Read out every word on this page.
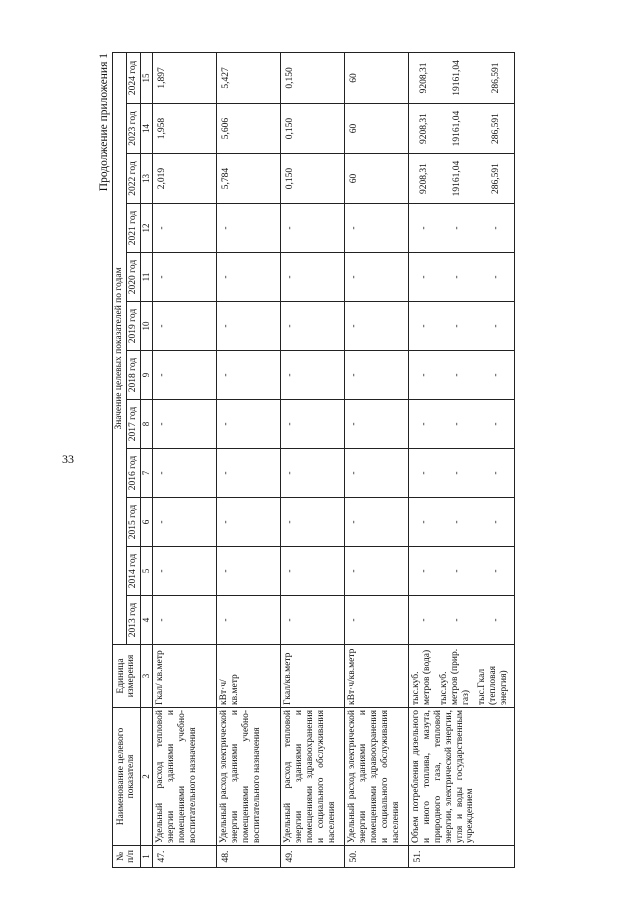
33
Продолжение приложения 1
№ п/п	Наименование целевого показателя	Единица измерения	Значение целевых показателей по годам											
			2013 год	2014 год	2015 год	2016 год	2017 год	2018 год	2019 год	2020 год	2021 год	2022 год	2023 год	2024 год
1	2	3	4	5	6	7	8	9	10	11	12	13	14	15
47.	Удельный расход тепловой энергии зданиями и помещениями учебно-воспитательного назначения	Гкал/ кв.метр	-	-	-	-	-	-	-	-	-	2,019	1,958	1,897
48.	Удельный расход электрической энергии зданиями и помещениями учебно-воспитательного назначения	кВт·ч/ кв.метр	-	-	-	-	-	-	-	-	-	5,784	5,606	5,427
49.	Удельный расход тепловой энергии зданиями и помещениями здравоохранения и социального обслуживания населения	Гкал/кв.метр	-	-	-	-	-	-	-	-	-	0,150	0,150	0,150
50.	Удельный расход электрической энергии зданиями и помещениями здравоохранения и социального обслуживания населения	кВт·ч/кв.метр	-	-	-	-	-	-	-	-	-	60	60	60
51.	Объем потребления дизельного и иного топлива, мазута, природного газа, тепловой энергии, электрической энергии, угля и воды государственным учреждением	тыс.куб. метров (вода) тыс.куб. метров (прир. газ) тыс.Гкал (тепловая энергия)	- - -	- - -	- - -	- - -	- - -	- - -	- - -	- - -	- - -	9208,31 19161,04 286,591	9208,31 19161,04 286,591	9208,31 19161,04 286,591
